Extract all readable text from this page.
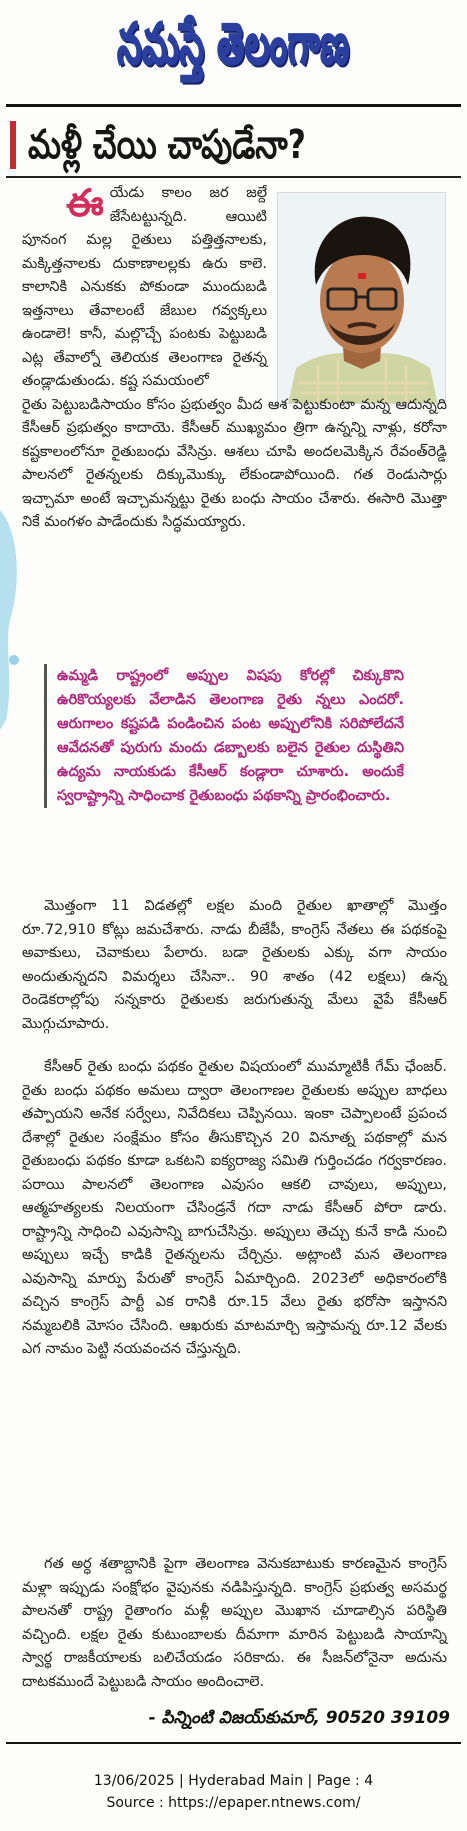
నమస్తే తెలంగాణ
మళ్లీ చేయి చాపుడేనా?
ఈయేడు కాలం జర జల్దే జేసేటట్టున్నది. ఆయిటి పూనంగ మల్ల రైతులు పత్తిత్తనాలకు, మక్కిత్తనాలకు దుకాణాలల్లకు ఉరు కాలె. కాలానికి ఎనుకకు పోకుండా ముందుబడి ఇత్తనాలు తేవాలంటే జేబుల గవ్వక్కలు ఉండాలె! కానీ, మల్లొచ్చే పంటకు పెట్టుబడి ఎట్ల తేవాల్నో తెలియక తెలంగాణ రైతన్న తండ్లాడుతుండు. కష్ట సమయంలో
రైతు పెట్టుబడిసాయం కోసం ప్రభుత్వం మీద ఆశ పెట్టుకుంటా మన్న ఆదున్నది కేసీఆర్ ప్రభుత్వం కాదాయె. కేసీఆర్ ముఖ్యమం త్రిగా ఉన్నన్ని నాళ్లు, కరోనా కష్టకాలంలోనూ రైతుబంధు వేసిన్రు. ఆశలు చూపి అందలమెక్కిన రేవంత్‌రెడ్డి పాలనలో రైతన్నలకు దిక్కుమొక్కు లేకుండాపోయింది. గత రెండుసార్లు ఇచ్చామా అంటే ఇచ్చామన్నట్టు రైతు బంధు సాయం చేశారు. ఈసారి మొత్తా నికే మంగళం పాడేందుకు సిద్ధమయ్యారు.
ఉమ్మడి రాష్ట్రంలో అప్పుల విషపు కోరల్లో చిక్కుకొని ఉరికొయ్యలకు వేలాడిన తెలంగాణ రైతు న్నలు ఎందరో. ఆరుగాలం కష్టపడి పండించిన పంట అప్పులోనికి సరిపోలేదనే ఆవేదనతో పురుగు మందు డబ్బాలకు బలైన రైతుల దుస్థితిని ఉద్యమ నాయకుడు కేసీఆర్ కండ్లారా చూశారు. అందుకే స్వరాష్ట్రాన్ని సాధించాక రైతుబంధు పథకాన్ని ప్రారంభించారు.
మొత్తంగా 11 విడతల్లో లక్షల మంది రైతుల ఖాతాల్లో మొత్తం రూ.72,910 కోట్లు జమచేశారు. నాడు బీజేపీ, కాంగ్రెస్ నేతలు ఈ పథకంపై అవాకులు, చెవాకులు పేలారు. బడా రైతులకు ఎక్కు వగా సాయం అందుతున్నదని విమర్శలు చేసినా.. 90 శాతం (42 లక్షలు) ఉన్న రెండెకరాల్లోపు సన్నకారు రైతులకు జరుగుతున్న మేలు వైపే కేసీఆర్ మొగ్గుచూపారు.
కేసీఆర్ రైతు బంధు పథకం రైతుల విషయంలో ముమ్మాటికీ గేమ్ ఛేంజర్. రైతు బంధు పథకం అమలు ద్వారా తెలంగాణల రైతులకు అప్పుల బాధలు తప్పాయని అనేక సర్వేలు, నివేదికలు చెప్పినయి. ఇంకా చెప్పాలంటే ప్రపంచ దేశాల్లో రైతుల సంక్షేమం కోసం తీసుకొచ్చిన 20 వినూత్న పథకాల్లో మన రైతుబంధు పథకం కూడా ఒకటని ఐక్యరాజ్య సమితి గుర్తించడం గర్వకారణం. పరాయి పాలనలో తెలంగాణ ఎవుసం ఆకలి చావులు, అప్పులు, ఆత్మహత్యలకు నిలయంగా చేసిండ్రనే గదా నాడు కేసీఆర్ పోరా డారు. రాష్ట్రాన్ని సాధించి ఎవుసాన్ని బాగుచేసిన్రు. అప్పులు తెచ్చు కునే కాడి నుంచి అప్పులు ఇచ్చే కాడికి రైతన్నలను చేర్చిన్రు. అట్లాంటి మన తెలంగాణ ఎవుసాన్ని మార్పు పేరుతో కాంగ్రెస్ ఏమార్చింది. 2023లో అధికారంలోకి వచ్చిన కాంగ్రెస్ పార్టీ ఎక రానికి రూ.15 వేలు రైతు భరోసా ఇస్తానని నమ్మబలికి మోసం చేసింది. ఆఖరుకు మాటమార్చి ఇస్తామన్న రూ.12 వేలకు ఎగ నామం పెట్టి నయవంచన చేస్తున్నది.
గత అర్ధ శతాబ్దానికి పైగా తెలంగాణ వెనుకబాటుకు కారణమైన కాంగ్రెస్ మళ్లా ఇప్పుడు సంక్షోభం వైపునకు నడిపిస్తున్నది. కాంగ్రెస్ ప్రభుత్వ అసమర్థ పాలనతో రాష్ట్ర రైతాంగం మళ్లీ అప్పుల మొఖాన చూడాల్సిన పరిస్థితి వచ్చింది. లక్షల రైతు కుటుంబాలకు దీమాగా మారిన పెట్టుబడి సాయాన్ని స్వార్థ రాజకీయాలకు బలిచేయడం సరికాదు. ఈ సీజన్‌లోనైనా అదును దాటకముందే పెట్టుబడి సాయం అందించాలె.
- పిన్నింటి విజయ్‌కుమార్, 90520 39109
13/06/2025 | Hyderabad Main | Page : 4
Source : https://epaper.ntnews.com/
